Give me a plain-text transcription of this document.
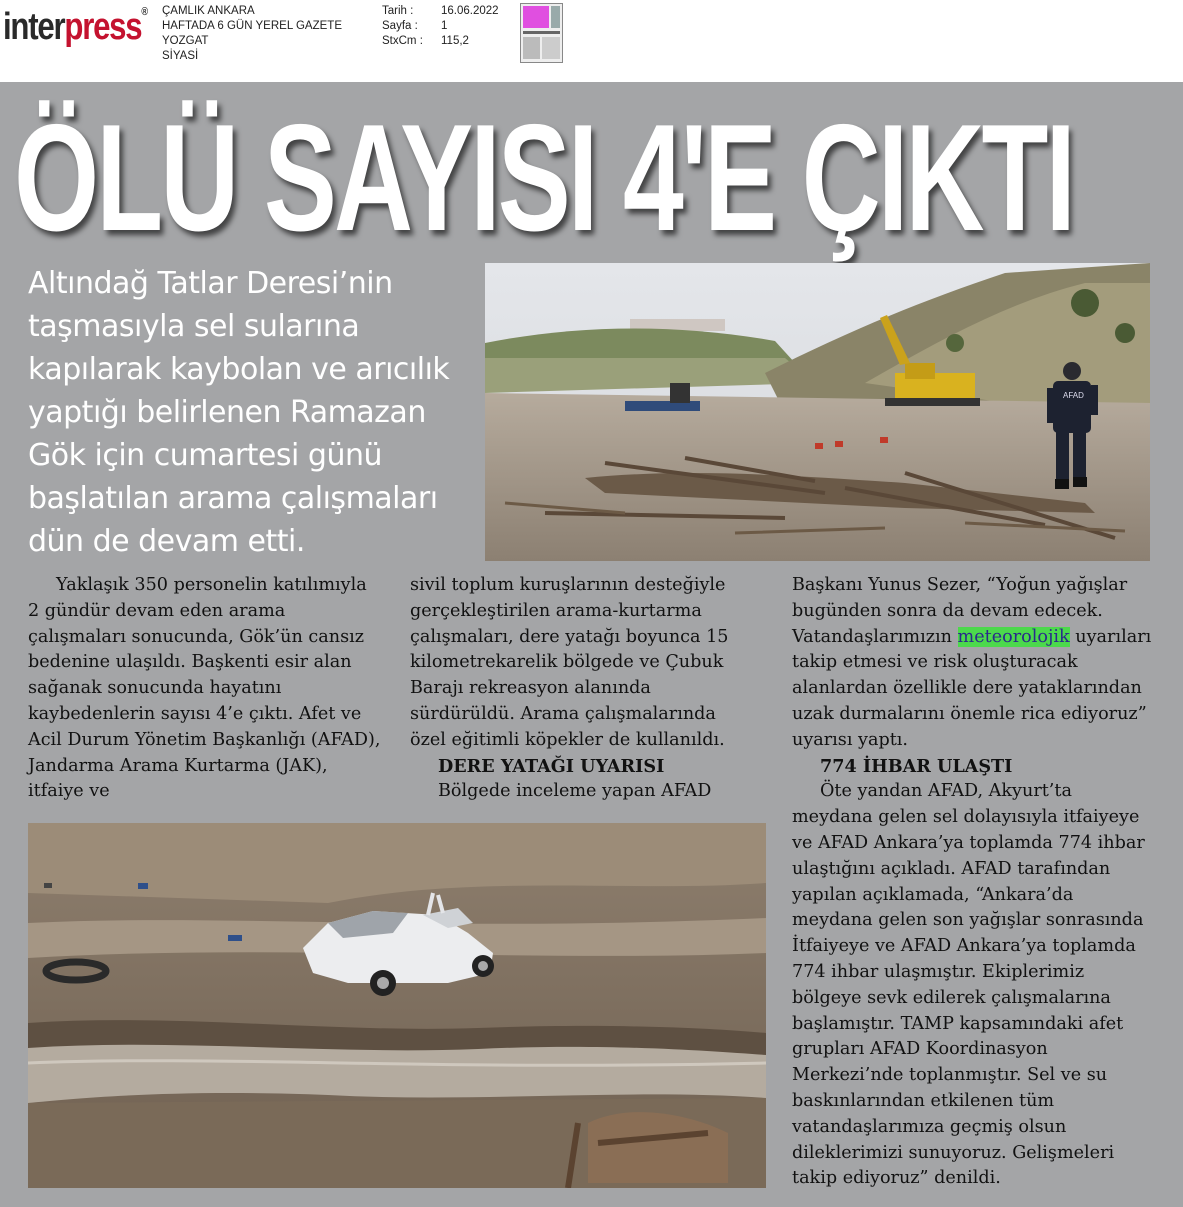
interpress® ÇAMLIK ANKARA
HAFTADA 6 GÜN YEREL GAZETE
YOZGAT
SİYASİ
Tarih :
Sayfa :
StxCm :
16.06.2022
1
115,2
ÖLÜ SAYISI 4'E ÇIKTI

Altındağ Tatlar Deresi’nin taşmasıyla sel sularına kapılarak kaybolan ve arıcılık yaptığı belirlenen Ramazan Gök için cumartesi günü başlatılan arama çalışmaları dün de devam etti.

AFAD

Yaklaşık 350 personelin katılımıyla 2 gündür devam eden arama çalışmaları sonucunda, Gök’ün cansız bedenine ulaşıldı. Başkenti esir alan sağanak sonucunda hayatını kaybedenlerin sayısı 4’e çıktı. Afet ve Acil Durum Yönetim Başkanlığı (AFAD), Jandarma Arama Kurtarma (JAK), itfaiye ve

sivil toplum kuruşlarının desteğiyle gerçekleştirilen arama-kurtarma çalışmaları, dere yatağı boyunca 15 kilometrekarelik bölgede ve Çubuk Barajı rekreasyon alanında sürdürüldü. Arama çalışmalarında özel eğitimli köpekler de kullanıldı.

DERE YATAĞI UYARISI

Bölgede inceleme yapan AFAD

Başkanı Yunus Sezer, “Yoğun yağışlar bugünden sonra da devam edecek. Vatandaşlarımızın meteorolojik uyarıları takip etmesi ve risk oluşturacak alanlardan özellikle dere yataklarından uzak durmalarını önemle rica ediyoruz” uyarısı yaptı.

774 İHBAR ULAŞTI

Öte yandan AFAD, Akyurt’ta meydana gelen sel dolayısıyla itfaiyeye ve AFAD Ankara’ya toplamda 774 ihbar ulaştığını açıkladı. AFAD tarafından yapılan açıklamada, “Ankara’da meydana gelen son yağışlar sonrasında İtfaiyeye ve AFAD Ankara’ya toplamda 774 ihbar ulaşmıştır. Ekiplerimiz bölgeye sevk edilerek çalışmalarına başlamıştır. TAMP kapsamındaki afet grupları AFAD Koordinasyon Merkezi’nde toplanmıştır. Sel ve su baskınlarından etkilenen tüm vatandaşlarımıza geçmiş olsun dileklerimizi sunuyoruz. Gelişmeleri takip ediyoruz” denildi.
